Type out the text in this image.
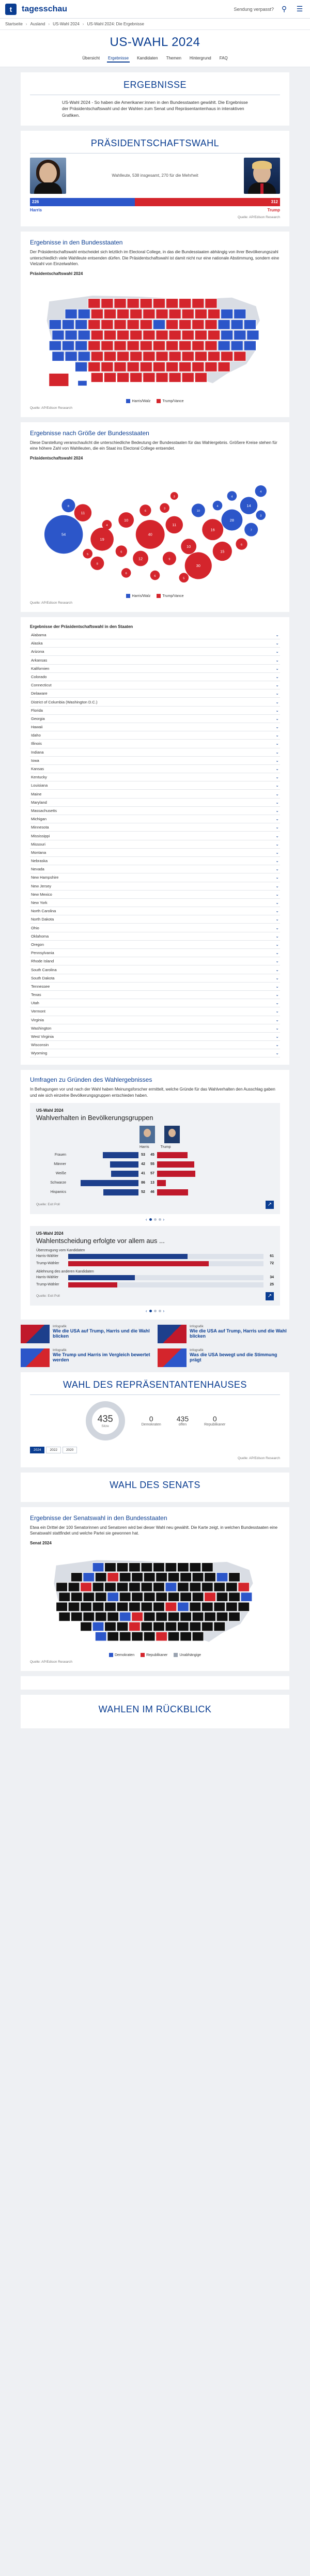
t tagesschau	Sendung verpasst?	⚲	☰
Startseite › Ausland › US-Wahl 2024 › US-Wahl 2024: Die Ergebnisse
US-WAHL 2024
Übersicht Ergebnisse Kandidaten Themen Hintergrund FAQ
ERGEBNISSE

US-Wahl 2024 - So haben die Amerikaner:innen in den Bundesstaaten gewählt. Die Ergebnisse der Präsidentschaftswahl und der Wahlen zum Senat und Repräsentantenhaus in interaktiven Grafiken.

PRÄSIDENTSCHAFTSWAHL
Wahlleute, 538 insgesamt, 270 für die Mehrheit
226	312
Harris	Trump
Quelle: AP/Edison Research
Ergebnisse in den Bundesstaaten

Der Präsidentschaftswahl entscheidet sich letztlich im Electoral College, in das die Bundesstaaten abhängig von ihrer Bevölkerungszahl unterschiedlich viele Wahlleute entsenden dürfen. Die Präsidentschaftswahl ist damit nicht nur eine nationale Abstimmung, sondern eine Vielzahl von Einzelwahlen.

Präsidentschaftswahl 2024
Harris/Walz	Trump/Vance
Quelle: AP/Edison Research
Ergebnisse nach Größe der Bundesstaaten

Diese Darstellung veranschaulicht die unterschiedliche Bedeutung der Bundesstaaten für das Wahlergebnis. Größere Kreise stehen für eine höhere Zahl von Wahlleuten, die ein Staat ins Electoral College entsendet.

Präsidentschaftswahl 2024
54
19
11
8
10
40
11
10
16
28
14
4
7
15
30
9
12
6
8
5
4
6
3
10
4
4
6
6
5
6
3
3
Harris/Walz	Trump/Vance
Quelle: AP/Edison Research
Ergebnisse der Präsidentschaftswahl in den Staaten
Alabama	⌄
Alaska	⌄
Arizona	⌄
Arkansas	⌄
Kalifornien	⌄
Colorado	⌄
Connecticut	⌄
Delaware	⌄
District of Columbia (Washington D.C.)	⌄
Florida	⌄
Georgia	⌄
Hawaii	⌄
Idaho	⌄
Illinois	⌄
Indiana	⌄
Iowa	⌄
Kansas	⌄
Kentucky	⌄
Louisiana	⌄
Maine	⌄
Maryland	⌄
Massachusetts	⌄
Michigan	⌄
Minnesota	⌄
Mississippi	⌄
Missouri	⌄
Montana	⌄
Nebraska	⌄
Nevada	⌄
New Hampshire	⌄
New Jersey	⌄
New Mexico	⌄
New York	⌄
North Carolina	⌄
North Dakota	⌄
Ohio	⌄
Oklahoma	⌄
Oregon	⌄
Pennsylvania	⌄
Rhode Island	⌄
South Carolina	⌄
South Dakota	⌄
Tennessee	⌄
Texas	⌄
Utah	⌄
Vermont	⌄
Virginia	⌄
Washington	⌄
West Virginia	⌄
Wisconsin	⌄
Wyoming	⌄
Umfragen zu Gründen des Wahlergebnisses

In Befragungen vor und nach der Wahl haben Meinungsforscher ermittelt, welche Gründe für das Wahlverhalten den Ausschlag gaben und wie sich einzelne Bevölkerungsgruppen entschieden haben.

US-Wahl 2024
Wahlverhalten in Bevölkerungsgruppen
Harris	Trump
Frauen	53	45
Männer	42	55
Weiße	41	57
Schwarze	86	13
Hispanics	52	46
Quelle: Exit Poll	↗
‹	›
US-Wahl 2024
Wahlentscheidung erfolgte vor allem aus ...
Überzeugung vom Kandidaten
Harris-Wähler	61
Trump-Wähler	72
Ablehnung des anderen Kandidaten
Harris-Wähler	34
Trump-Wähler	25
Quelle: Exit Poll	↗
‹	›
Infografik
Wie die USA auf Trump, Harris und die Wahl blicken
Infografik
Wie die USA auf Trump, Harris und die Wahl blicken
Infografik
Wie Trump und Harris im Vergleich bewertet werden
Infografik
Was die USA bewegt und die Stimmung prägt
WAHL DES REPRÄSENTANTENHAUSES
435
Sitze
0
Demokraten
435
offen
0
Republikaner
2024	2022	2020
Quelle: AP/Edison Research
WAHL DES SENATS
Ergebnisse der Senatswahl in den Bundesstaaten

Etwa ein Drittel der 100 Senatorinnen und Senatoren wird bei dieser Wahl neu gewählt. Die Karte zeigt, in welchen Bundesstaaten eine Senatswahl stattfindet und welche Partei sie gewonnen hat.

Senat 2024
Demokraten	Republikaner	Unabhängige
Quelle: AP/Edison Research
WAHLEN IM RÜCKBLICK
